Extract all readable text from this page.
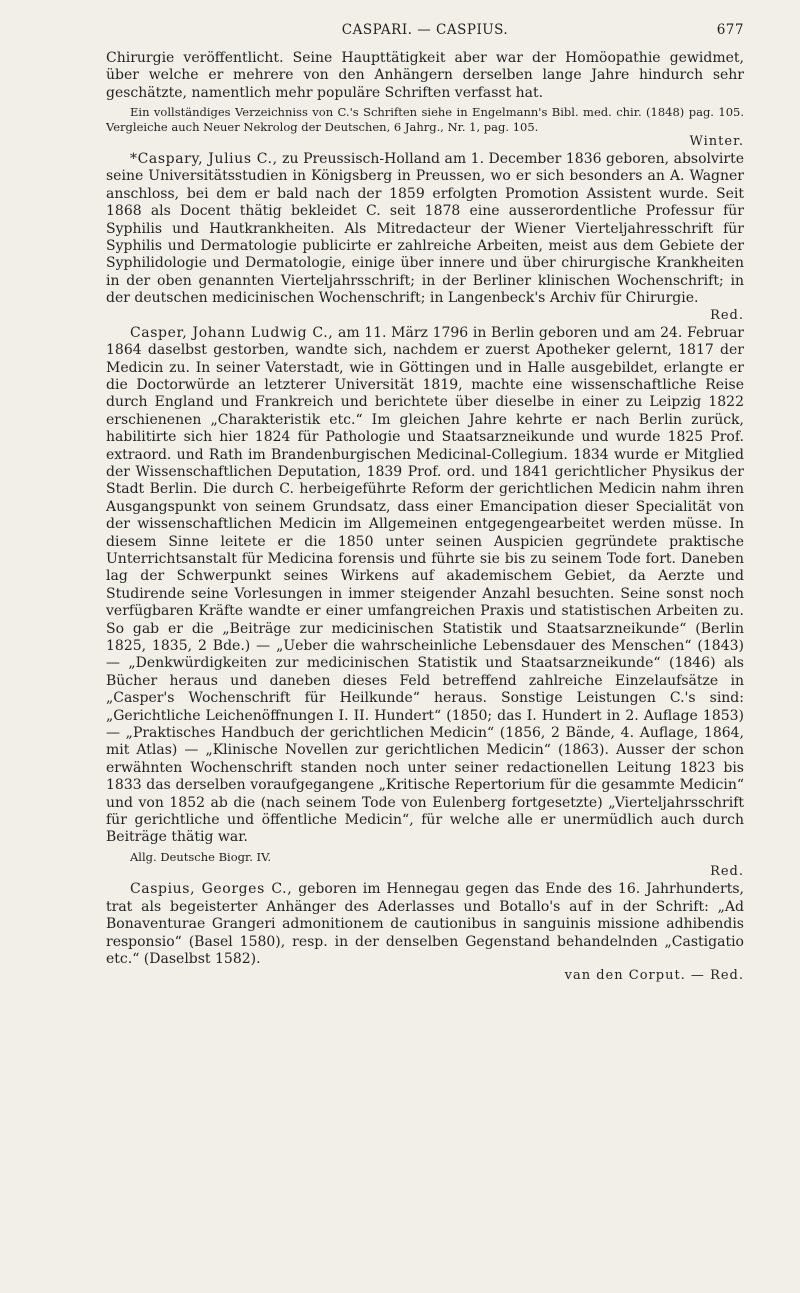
CASPARI. — CASPIUS.	677

Chirurgie veröffentlicht. Seine Haupttätigkeit aber war der Homöopathie gewidmet, über welche er mehrere von den Anhängern derselben lange Jahre hindurch sehr geschätzte, namentlich mehr populäre Schriften verfasst hat.

Ein vollständiges Verzeichniss von C.'s Schriften siehe in Engelmann's Bibl. med. chir. (1848) pag. 105. Vergleiche auch Neuer Nekrolog der Deutschen, 6 Jahrg., Nr. 1, pag. 105.

Winter.

*Caspary, Julius C., zu Preussisch-Holland am 1. December 1836 geboren, absolvirte seine Universitätsstudien in Königsberg in Preussen, wo er sich besonders an A. Wagner anschloss, bei dem er bald nach der 1859 erfolgten Promotion Assistent wurde. Seit 1868 als Docent thätig bekleidet C. seit 1878 eine ausserordentliche Professur für Syphilis und Hautkrankheiten. Als Mitredacteur der Wiener Vierteljahresschrift für Syphilis und Dermatologie publicirte er zahlreiche Arbeiten, meist aus dem Gebiete der Syphilidologie und Dermatologie, einige über innere und über chirurgische Krankheiten in der oben genannten Vierteljahrsschrift; in der Berliner klinischen Wochenschrift; in der deutschen medicinischen Wochenschrift; in Langenbeck's Archiv für Chirurgie.

Red.

Casper, Johann Ludwig C., am 11. März 1796 in Berlin geboren und am 24. Februar 1864 daselbst gestorben, wandte sich, nachdem er zuerst Apotheker gelernt, 1817 der Medicin zu. In seiner Vaterstadt, wie in Göttingen und in Halle ausgebildet, erlangte er die Doctorwürde an letzterer Universität 1819, machte eine wissenschaftliche Reise durch England und Frankreich und berichtete über dieselbe in einer zu Leipzig 1822 erschienenen „Charakteristik etc.“ Im gleichen Jahre kehrte er nach Berlin zurück, habilitirte sich hier 1824 für Pathologie und Staatsarzneikunde und wurde 1825 Prof. extraord. und Rath im Brandenburgischen Medicinal-Collegium. 1834 wurde er Mitglied der Wissenschaftlichen Deputation, 1839 Prof. ord. und 1841 gerichtlicher Physikus der Stadt Berlin. Die durch C. herbeigeführte Reform der gerichtlichen Medicin nahm ihren Ausgangspunkt von seinem Grundsatz, dass einer Emancipation dieser Specialität von der wissenschaftlichen Medicin im Allgemeinen entgegengearbeitet werden müsse. In diesem Sinne leitete er die 1850 unter seinen Auspicien gegründete praktische Unterrichtsanstalt für Medicina forensis und führte sie bis zu seinem Tode fort. Daneben lag der Schwerpunkt seines Wirkens auf akademischem Gebiet, da Aerzte und Studirende seine Vorlesungen in immer steigender Anzahl besuchten. Seine sonst noch verfügbaren Kräfte wandte er einer umfangreichen Praxis und statistischen Arbeiten zu. So gab er die „Beiträge zur medicinischen Statistik und Staatsarzneikunde“ (Berlin 1825, 1835, 2 Bde.) — „Ueber die wahrscheinliche Lebensdauer des Menschen“ (1843) — „Denkwürdigkeiten zur medicinischen Statistik und Staatsarzneikunde“ (1846) als Bücher heraus und daneben dieses Feld betreffend zahlreiche Einzelaufsätze in „Casper's Wochenschrift für Heilkunde“ heraus. Sonstige Leistungen C.'s sind: „Gerichtliche Leichenöffnungen I. II. Hundert“ (1850; das I. Hundert in 2. Auflage 1853) — „Praktisches Handbuch der gerichtlichen Medicin“ (1856, 2 Bände, 4. Auflage, 1864, mit Atlas) — „Klinische Novellen zur gerichtlichen Medicin“ (1863). Ausser der schon erwähnten Wochenschrift standen noch unter seiner redactionellen Leitung 1823 bis 1833 das derselben voraufgegangene „Kritische Repertorium für die gesammte Medicin“ und von 1852 ab die (nach seinem Tode von Eulenberg fortgesetzte) „Vierteljahrsschrift für gerichtliche und öffentliche Medicin“, für welche alle er unermüdlich auch durch Beiträge thätig war.

Allg. Deutsche Biogr. IV.

Red.

Caspius, Georges C., geboren im Hennegau gegen das Ende des 16. Jahrhunderts, trat als begeisterter Anhänger des Aderlasses und Botallo's auf in der Schrift: „Ad Bonaventurae Grangeri admonitionem de cautionibus in sanguinis missione adhibendis responsio“ (Basel 1580), resp. in der denselben Gegenstand behandelnden „Castigatio etc.“ (Daselbst 1582).

van den Corput. — Red.
